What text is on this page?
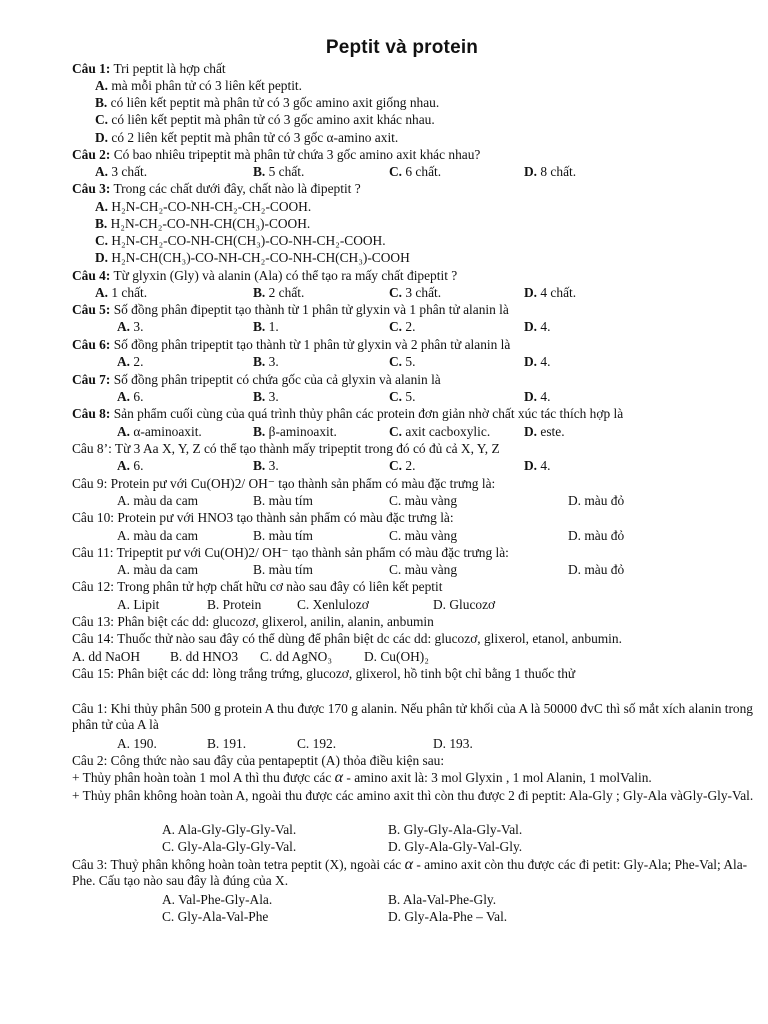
Peptit và protein
Câu 1: Tri peptit là hợp chất
A. mà mỗi phân tử có 3 liên kết peptit.
B. có liên kết peptit mà phân tử có 3 gốc amino axit giống nhau.
C. có liên kết peptit mà phân tử có 3 gốc amino axit khác nhau.
D. có 2 liên kết peptit mà phân tử có 3 gốc α-amino axit.
Câu 2: Có bao nhiêu tripeptit mà phân tử chứa 3 gốc amino axit khác nhau?
A. 3 chất.	B. 5 chất.	C. 6 chất.	D. 8 chất.
Câu 3: Trong các chất dưới đây, chất nào là đipeptit ?
A. H₂N-CH₂-CO-NH-CH₂-CH₂-COOH.
B. H₂N-CH₂-CO-NH-CH(CH₃)-COOH.
C. H₂N-CH₂-CO-NH-CH(CH₃)-CO-NH-CH₂-COOH.
D. H₂N-CH(CH₃)-CO-NH-CH₂-CO-NH-CH(CH₃)-COOH
Câu 4: Từ glyxin (Gly) và alanin (Ala) có thể tạo ra mấy chất đipeptit ?
A. 1 chất.	B. 2 chất.	C. 3 chất.	D. 4 chất.
Câu 5: Số đồng phân đipeptit tạo thành từ 1 phân tử glyxin và 1 phân tử alanin là
A. 3.	B. 1.	C. 2.	D. 4.
Câu 6: Số đồng phân tripeptit tạo thành từ 1 phân tử glyxin và 2 phân tử alanin là
A. 2.	B. 3.	C. 5.	D. 4.
Câu 7: Số đồng phân tripeptit có chứa gốc của cả glyxin và alanin là
A. 6.	B. 3.	C. 5.	D. 4.
Câu 8: Sản phẩm cuối cùng của quá trình thủy phân các protein đơn giản nhờ chất xúc tác thích hợp là
A. α-aminoaxit.	B. β-aminoaxit.	C. axit cacboxylic.	D. este.
Câu 8’: Từ 3 Aa X, Y, Z có thể tạo thành mấy tripeptit trong đó có đủ cả X, Y, Z
A. 6.	B. 3.	C. 2.	D. 4.
Câu 9: Protein pư với Cu(OH)2/ OH⁻ tạo thành sản phẩm có màu đặc trưng là:
A. màu da cam	B. màu tím	C. màu vàng	D. màu đỏ
Câu 10: Protein pư với HNO3 tạo thành sản phẩm có màu đặc trưng là:
A. màu da cam	B. màu tím	C. màu vàng	D. màu đỏ
Câu 11: Tripeptit pư với Cu(OH)2/ OH⁻ tạo thành sản phẩm có màu đặc trưng là:
A. màu da cam	B. màu tím	C. màu vàng	D. màu đỏ
Câu 12: Trong phân tử hợp chất hữu cơ nào sau đây có liên kết peptit
A. Lipit	B. Protein	C. Xenlulozơ	D. Glucozơ
Câu 13: Phân biệt các dd: glucozơ, glixerol, anilin, alanin, anbumin
Câu 14: Thuốc thử nào sau đây có thể dùng để phân biệt dc các dd: glucozơ, glixerol, etanol, anbumin.
A. dd NaOH B. dd HNO3 C. dd AgNO₃ D. Cu(OH)₂
Câu 15: Phân biệt các dd: lòng trắng trứng, glucozơ, glixerol, hồ tinh bột chỉ bằng 1 thuốc thử
Câu 1: Khi thủy phân 500 g protein A thu được 170 g alanin. Nếu phân tử khối của A là 50000 đvC thì số mắt xích alanin trong phân tử của A là
A. 190.	B. 191.	C. 192.	D. 193.
Câu 2: Công thức nào sau đây của pentapeptit (A) thỏa điều kiện sau:
+ Thủy phân hoàn toàn 1 mol A thì thu được các α - amino axit là: 3 mol Glyxin , 1 mol Alanin, 1 molValin.
+ Thủy phân không hoàn toàn A, ngoài thu được các amino axit thì còn thu được 2 đi peptit: Ala-Gly ; Gly-Ala vàGly-Gly-Val.
A. Ala-Gly-Gly-Gly-Val.	B. Gly-Gly-Ala-Gly-Val.
C. Gly-Ala-Gly-Gly-Val.	D. Gly-Ala-Gly-Val-Gly.
Câu 3: Thuỷ phân không hoàn toàn tetra peptit (X), ngoài các α - amino axit còn thu được các đi petit: Gly-Ala; Phe-Val; Ala-Phe. Cấu tạo nào sau đây là đúng của X.
A. Val-Phe-Gly-Ala.	B. Ala-Val-Phe-Gly.
C. Gly-Ala-Val-Phe	D. Gly-Ala-Phe – Val.
